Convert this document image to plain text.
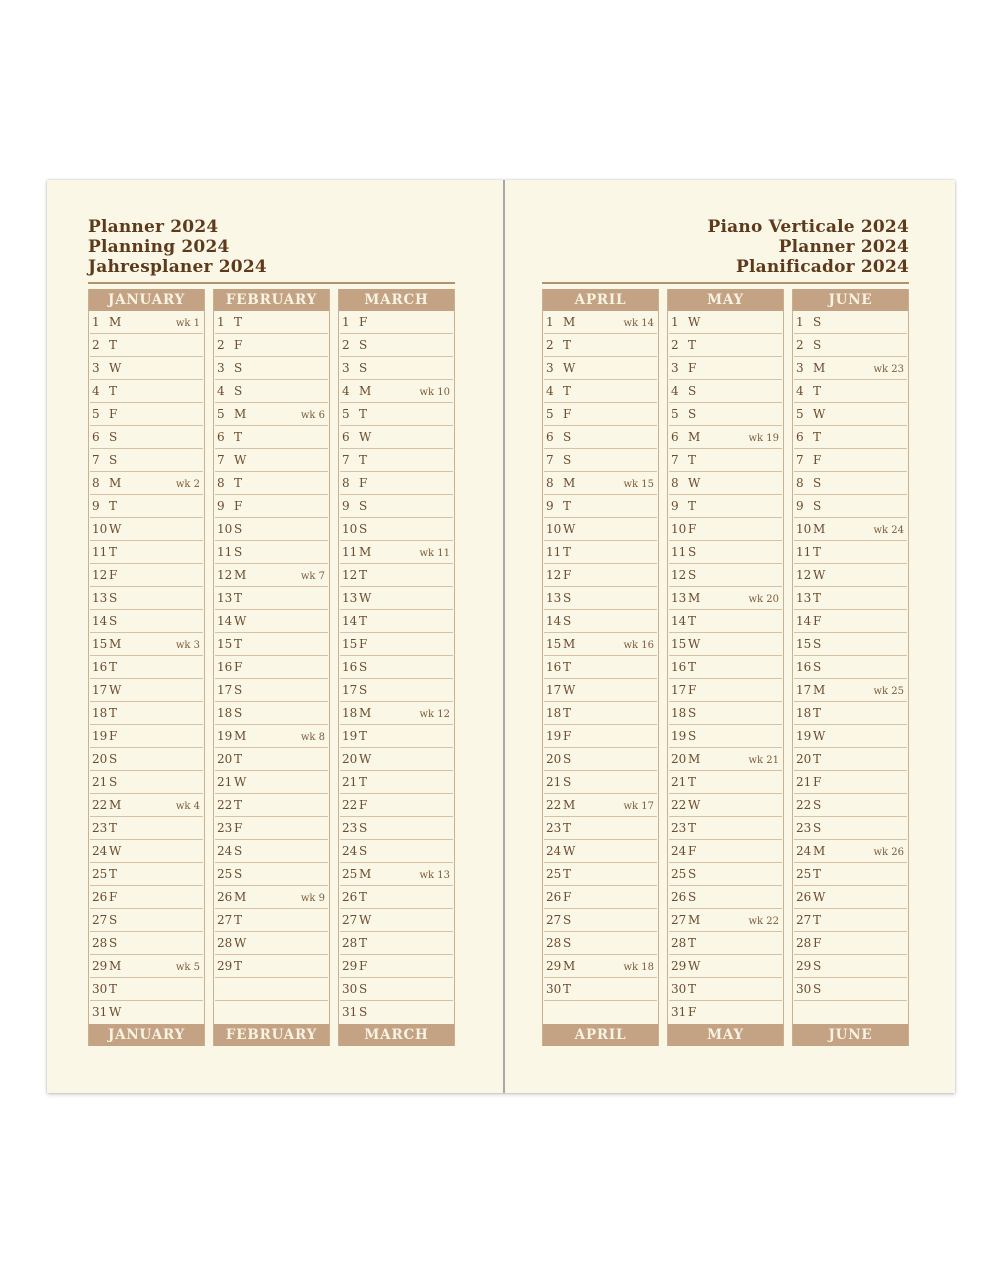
Planner 2024
Planning 2024
Jahresplaner 2024
JANUARY
1 M	wk 1
2 T
3 W
4 T
5 F
6 S
7 S
8 M	wk 2
9 T
10 W
11 T
12 F
13 S
14 S
15 M	wk 3
16 T
17 W
18 T
19 F
20 S
21 S
22 M	wk 4
23 T
24 W
25 T
26 F
27 S
28 S
29 M	wk 5
30 T
31 W
JANUARY
FEBRUARY
1 T
2 F
3 S
4 S
5 M	wk 6
6 T
7 W
8 T
9 F
10 S
11 S
12 M	wk 7
13 T
14 W
15 T
16 F
17 S
18 S
19 M	wk 8
20 T
21 W
22 T
23 F
24 S
25 S
26 M	wk 9
27 T
28 W
29 T
FEBRUARY
MARCH
1 F
2 S
3 S
4 M	wk 10
5 T
6 W
7 T
8 F
9 S
10 S
11 M	wk 11
12 T
13 W
14 T
15 F
16 S
17 S
18 M	wk 12
19 T
20 W
21 T
22 F
23 S
24 S
25 M	wk 13
26 T
27 W
28 T
29 F
30 S
31 S
MARCH
Piano Verticale 2024
Planner 2024
Planificador 2024
APRIL
1 M	wk 14
2 T
3 W
4 T
5 F
6 S
7 S
8 M	wk 15
9 T
10 W
11 T
12 F
13 S
14 S
15 M	wk 16
16 T
17 W
18 T
19 F
20 S
21 S
22 M	wk 17
23 T
24 W
25 T
26 F
27 S
28 S
29 M	wk 18
30 T
APRIL
MAY
1 W
2 T
3 F
4 S
5 S
6 M	wk 19
7 T
8 W
9 T
10 F
11 S
12 S
13 M	wk 20
14 T
15 W
16 T
17 F
18 S
19 S
20 M	wk 21
21 T
22 W
23 T
24 F
25 S
26 S
27 M	wk 22
28 T
29 W
30 T
31 F
MAY
JUNE
1 S
2 S
3 M	wk 23
4 T
5 W
6 T
7 F
8 S
9 S
10 M	wk 24
11 T
12 W
13 T
14 F
15 S
16 S
17 M	wk 25
18 T
19 W
20 T
21 F
22 S
23 S
24 M	wk 26
25 T
26 W
27 T
28 F
29 S
30 S
JUNE
